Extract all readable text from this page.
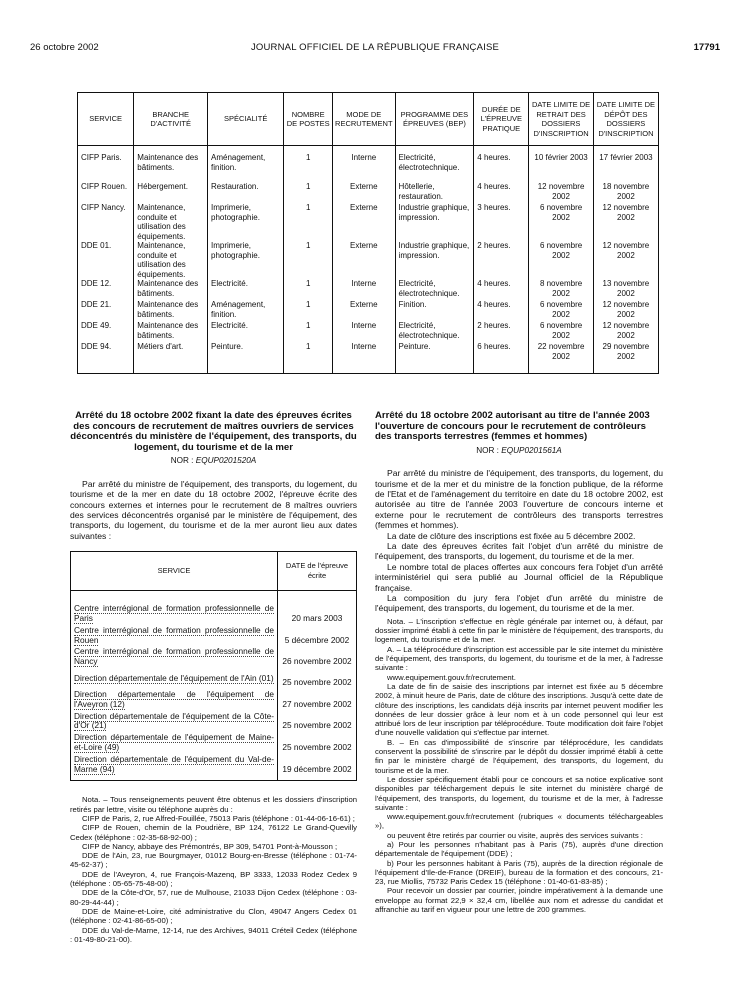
26 octobre 2002	JOURNAL OFFICIEL DE LA RÉPUBLIQUE FRANÇAISE	17791
SERVICE	BRANCHE D'ACTIVITÉ	SPÉCIALITÉ	NOMBRE DE POSTES	MODE DE RECRUTEMENT	PROGRAMME DES ÉPREUVES (BEP)	DURÉE DE L'ÉPREUVE PRATIQUE	DATE LIMITE DE RETRAIT DES DOSSIERS D'INSCRIPTION	DATE LIMITE DE DÉPÔT DES DOSSIERS D'INSCRIPTION
CIFP Paris.	Maintenance des bâtiments.	Aménagement, finition.	1	Interne	Electricité, électrotechnique.	4 heures.	10 février 2003	17 février 2003
CIFP Rouen.	Hébergement.	Restauration.	1	Externe	Hôtellerie, restauration.	4 heures.	12 novembre 2002	18 novembre 2002
CIFP Nancy.	Maintenance, conduite et utilisation des équipements.	Imprimerie, photographie.	1	Externe	Industrie graphique, impression.	3 heures.	6 novembre 2002	12 novembre 2002
DDE 01.	Maintenance, conduite et utilisation des équipements.	Imprimerie, photographie.	1	Externe	Industrie graphique, impression.	2 heures.	6 novembre 2002	12 novembre 2002
DDE 12.	Maintenance des bâtiments.	Electricité.	1	Interne	Electricité, électrotechnique.	4 heures.	8 novembre 2002	13 novembre 2002
DDE 21.	Maintenance des bâtiments.	Aménagement, finition.	1	Externe	Finition.	4 heures.	6 novembre 2002	12 novembre 2002
DDE 49.	Maintenance des bâtiments.	Electricité.	1	Interne	Electricité, électrotechnique.	2 heures.	6 novembre 2002	12 novembre 2002
DDE 94.	Métiers d'art.	Peinture.	1	Interne	Peinture.	6 heures.	22 novembre 2002	29 novembre 2002
Arrêté du 18 octobre 2002 fixant la date des épreuves écrites des concours de recrutement de maîtres ouvriers de services déconcentrés du ministère de l'équipement, des transports, du logement, du tourisme et de la mer
NOR : EQUP0201520A

Par arrêté du ministre de l'équipement, des transports, du logement, du tourisme et de la mer en date du 18 octobre 2002, l'épreuve écrite des concours externes et internes pour le recrutement de 8 maîtres ouvriers des services déconcentrés organisé par le ministère de l'équipement, des transports, du logement, du tourisme et de la mer auront lieu aux dates suivantes :

SERVICE	DATE de l'épreuve écrite
Centre interrégional de formation professionnelle de Paris	20 mars 2003
Centre interrégional de formation professionnelle de Rouen	5 décembre 2002
Centre interrégional de formation professionnelle de Nancy	26 novembre 2002
Direction départementale de l'équipement de l'Ain (01)	25 novembre 2002
Direction départementale de l'équipement de l'Aveyron (12)	27 novembre 2002
Direction départementale de l'équipement de la Côte-d'Or (21)	25 novembre 2002
Direction départementale de l'équipement de Maine-et-Loire (49)	25 novembre 2002
Direction départementale de l'équipement du Val-de-Marne (94)	19 décembre 2002

Nota. – Tous renseignements peuvent être obtenus et les dossiers d'inscription retirés par lettre, visite ou téléphone auprès du :

CIFP de Paris, 2, rue Alfred-Fouillée, 75013 Paris (téléphone : 01-44-06-16-61) ;

CIFP de Rouen, chemin de la Poudrière, BP 124, 76122 Le Grand-Quevilly Cedex (téléphone : 02-35-68-92-00) ;

CIFP de Nancy, abbaye des Prémontrés, BP 309, 54701 Pont-à-Mousson ;

DDE de l'Ain, 23, rue Bourgmayer, 01012 Bourg-en-Bresse (téléphone : 01-74-45-62-37) ;

DDE de l'Aveyron, 4, rue François-Mazenq, BP 3333, 12033 Rodez Cedex 9 (téléphone : 05-65-75-48-00) ;

DDE de la Côte-d'Or, 57, rue de Mulhouse, 21033 Dijon Cedex (téléphone : 03-80-29-44-44) ;

DDE de Maine-et-Loire, cité administrative du Clon, 49047 Angers Cedex 01 (téléphone : 02-41-86-65-00) ;

DDE du Val-de-Marne, 12-14, rue des Archives, 94011 Créteil Cedex (téléphone : 01-49-80-21-00).

Arrêté du 18 octobre 2002 autorisant au titre de l'année 2003 l'ouverture de concours pour le recrutement de contrôleurs des transports terrestres (femmes et hommes)
NOR : EQUP0201561A

Par arrêté du ministre de l'équipement, des transports, du logement, du tourisme et de la mer et du ministre de la fonction publique, de la réforme de l'Etat et de l'aménagement du territoire en date du 18 octobre 2002, est autorisée au titre de l'année 2003 l'ouverture de concours interne et externe pour le recrutement de contrôleurs des transports terrestres (femmes et hommes).

La date de clôture des inscriptions est fixée au 5 décembre 2002.

La date des épreuves écrites fait l'objet d'un arrêté du ministre de l'équipement, des transports, du logement, du tourisme et de la mer.

Le nombre total de places offertes aux concours fera l'objet d'un arrêté interministériel qui sera publié au Journal officiel de la République française.

La composition du jury fera l'objet d'un arrêté du ministre de l'équipement, des transports, du logement, du tourisme et de la mer.

Nota. – L'inscription s'effectue en règle générale par internet ou, à défaut, par dossier imprimé établi à cette fin par le ministère de l'équipement, des transports, du logement, du tourisme et de la mer.

A. – La téléprocédure d'inscription est accessible par le site internet du ministère de l'équipement, des transports, du logement, du tourisme et de la mer, à l'adresse suivante :

www.equipement.gouv.fr/recrutement.

La date de fin de saisie des inscriptions par internet est fixée au 5 décembre 2002, à minuit heure de Paris, date de clôture des inscriptions. Jusqu'à cette date de clôture des inscriptions, les candidats déjà inscrits par internet peuvent modifier les données de leur dossier grâce à leur nom et à un code personnel qui leur est attribué lors de leur inscription par téléprocédure. Toute modification doit faire l'objet d'une nouvelle validation qui s'effectue par internet.

B. – En cas d'impossibilité de s'inscrire par téléprocédure, les candidats conservent la possibilité de s'inscrire par le dépôt du dossier imprimé établi à cette fin par le ministère chargé de l'équipement, des transports, du logement, du tourisme et de la mer.

Le dossier spécifiquement établi pour ce concours et sa notice explicative sont disponibles par téléchargement depuis le site internet du ministère chargé de l'équipement, des transports, du logement, du tourisme et de la mer, à l'adresse suivante :

www.equipement.gouv.fr/recrutement (rubriques « documents téléchargeables »),

ou peuvent être retirés par courrier ou visite, auprès des services suivants :

a) Pour les personnes n'habitant pas à Paris (75), auprès d'une direction départementale de l'équipement (DDE) ;

b) Pour les personnes habitant à Paris (75), auprès de la direction régionale de l'équipement d'Ile-de-France (DREIF), bureau de la formation et des concours, 21-23, rue Miollis, 75732 Paris Cedex 15 (téléphone : 01-40-61-83-85) ;

Pour recevoir un dossier par courrier, joindre impérativement à la demande une enveloppe au format 22,9 × 32,4 cm, libellée aux nom et adresse du candidat et affranchie au tarif en vigueur pour une lettre de 200 grammes.
